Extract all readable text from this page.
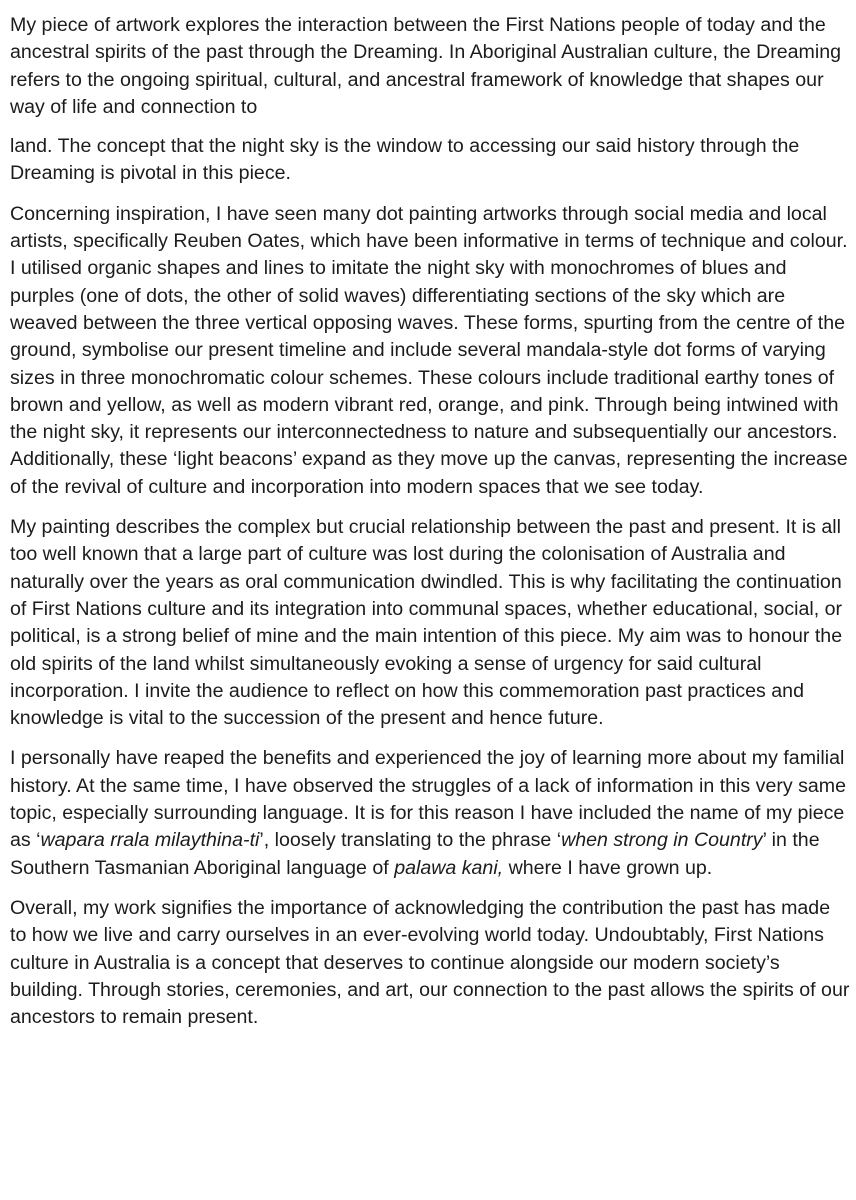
My piece of artwork explores the interaction between the First Nations people of today and the ancestral spirits of the past through the Dreaming. In Aboriginal Australian culture, the Dreaming refers to the ongoing spiritual, cultural, and ancestral framework of knowledge that shapes our way of life and connection to

land. The concept that the night sky is the window to accessing our said history through the Dreaming is pivotal in this piece.

Concerning inspiration, I have seen many dot painting artworks through social media and local artists, specifically Reuben Oates, which have been informative in terms of technique and colour. I utilised organic shapes and lines to imitate the night sky with monochromes of blues and purples (one of dots, the other of solid waves) differentiating sections of the sky which are weaved between the three vertical opposing waves. These forms, spurting from the centre of the ground, symbolise our present timeline and include several mandala-style dot forms of varying sizes in three monochromatic colour schemes. These colours include traditional earthy tones of brown and yellow, as well as modern vibrant red, orange, and pink. Through being intwined with the night sky, it represents our interconnectedness to nature and subsequentially our ancestors. Additionally, these ‘light beacons’ expand as they move up the canvas, representing the increase of the revival of culture and incorporation into modern spaces that we see today.

My painting describes the complex but crucial relationship between the past and present. It is all too well known that a large part of culture was lost during the colonisation of Australia and naturally over the years as oral communication dwindled. This is why facilitating the continuation of First Nations culture and its integration into communal spaces, whether educational, social, or political, is a strong belief of mine and the main intention of this piece. My aim was to honour the old spirits of the land whilst simultaneously evoking a sense of urgency for said cultural incorporation. I invite the audience to reflect on how this commemoration past practices and knowledge is vital to the succession of the present and hence future.

I personally have reaped the benefits and experienced the joy of learning more about my familial history. At the same time, I have observed the struggles of a lack of information in this very same topic, especially surrounding language. It is for this reason I have included the name of my piece as ‘wapara rrala milaythina-ti’, loosely translating to the phrase ‘when strong in Country’ in the Southern Tasmanian Aboriginal language of palawa kani, where I have grown up.

Overall, my work signifies the importance of acknowledging the contribution the past has made to how we live and carry ourselves in an ever-evolving world today. Undoubtably, First Nations culture in Australia is a concept that deserves to continue alongside our modern society’s building. Through stories, ceremonies, and art, our connection to the past allows the spirits of our ancestors to remain present.
